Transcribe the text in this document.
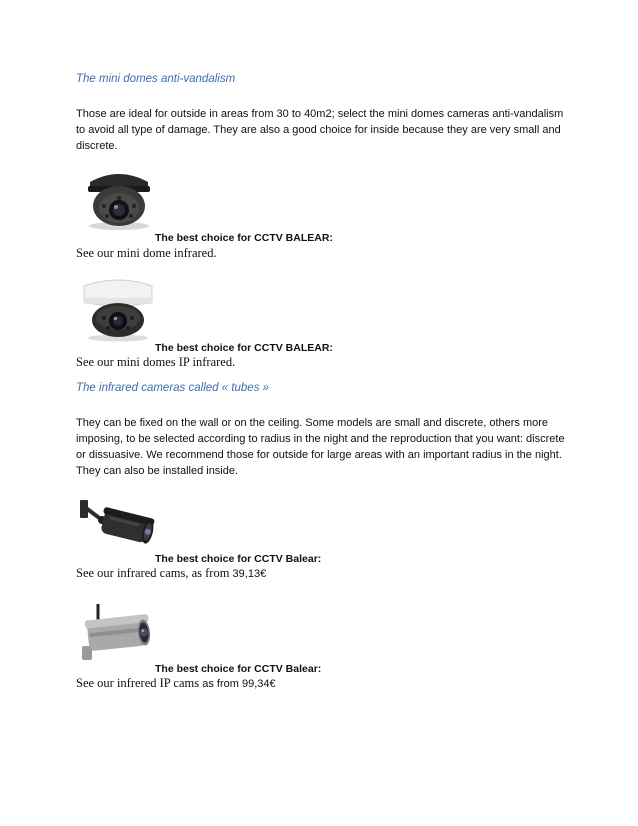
The mini domes anti-vandalism
Those are ideal for outside in areas from 30 to 40m2; select the mini domes cameras anti-vandalism to avoid all type of damage. They are also a good choice for inside because they are very small and discrete.
The best choice for CCTV BALEAR:
See our mini dome infrared.
The best choice for CCTV BALEAR:
See our mini domes IP infrared.
The infrared cameras called « tubes »
They can be fixed on the wall or on the ceiling. Some models are small and discrete, others more imposing, to be selected according to radius in the night and the reproduction that you want: discrete or dissuasive. We recommend those for outside for large areas with an important radius in the night. They can also be installed inside.
The best choice for CCTV Balear:
See our infrared cams, as from 39,13€
The best choice for CCTV Balear:
See our infrered IP cams as from 99,34€
